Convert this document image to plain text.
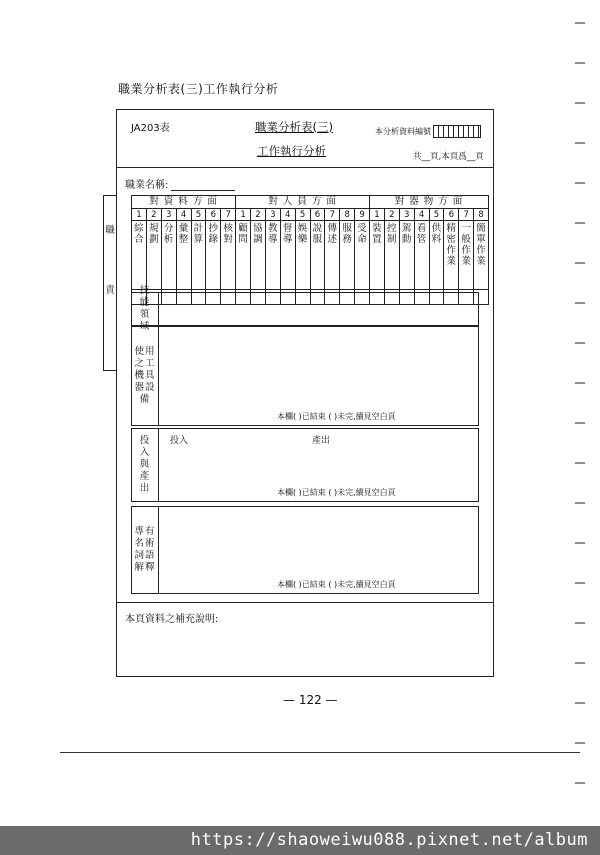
職業分析表(三)工作執行分析
JA203表	職業分析表(三)
工作執行分析
本分析資料編號
共__頁,本頁爲__頁
職業名稱:
職責
對 資 料 方 面							對 人 員 方 面									對 器 物 方 面							
1	2	3	4	5	6	7	1	2	3	4	5	6	7	8	9	1	2	3	4	5	6	7	8

綜合	規劃	分析	彙整	計算	抄錄	核對	顧問	協調	教導	督導	娛樂	說服	傳述	服務	受命	裝置	控制	駕動	看管	供料	精密作業	一般作業	簡單作業

技能領域
使用之工機具器設備
本欄( )已結束 ( )未完,續見空白頁
投入與產出
投入	產出
本欄( )已結束 ( )未完,續見空白頁
專有名術詞語解釋
本欄( )已結束 ( )未完,續見空白頁
本頁資料之補充說明:
— 122 —
https://shaoweiwu088.pixnet.net/album
